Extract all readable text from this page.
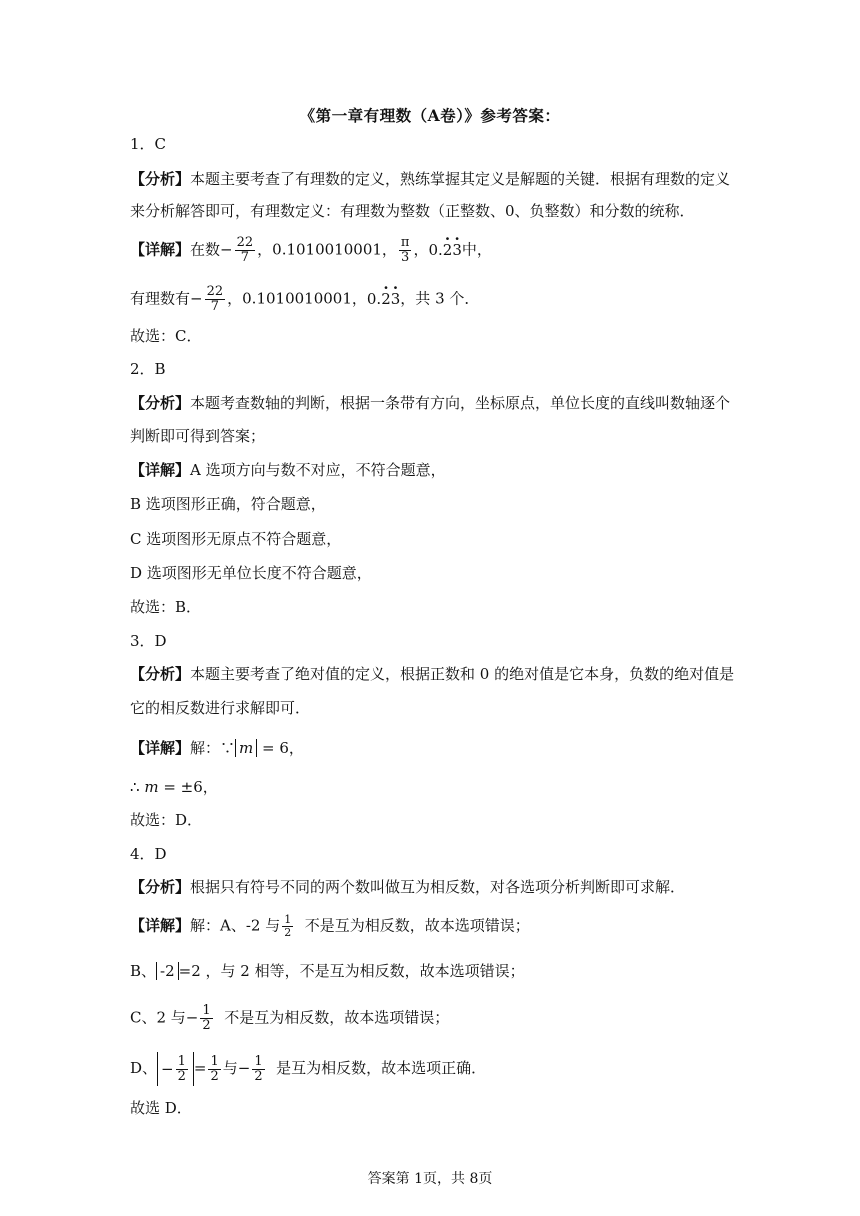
《第一章有理数（A卷）》参考答案：
1．C
【分析】本题主要考查了有理数的定义，熟练掌握其定义是解题的关键．根据有理数的定义
来分析解答即可，有理数定义：有理数为整数（正整数、0、负整数）和分数的统称．
【详解】在数− $\frac{22}{7}$ ，0.1010010001， $\frac{\pi}{3}$ ，0.· 2· 3中，
有理数有− $\frac{22}{7}$ ，0.1010010001，0.· 2· 3，共 3 个．
故选：C．
2．B
【分析】本题考查数轴的判断，根据一条带有方向，坐标原点，单位长度的直线叫数轴逐个
判断即可得到答案；
【详解】A 选项方向与数不对应，不符合题意，
B 选项图形正确，符合题意，
C 选项图形无原点不符合题意，
D 选项图形无单位长度不符合题意，
故选：B．
3．D
【分析】本题主要考查了绝对值的定义，根据正数和 0 的绝对值是它本身，负数的绝对值是
它的相反数进行求解即可．
【详解】解：∵ m = 6，
∴ m = ±6，
故选：D．
4．D
【分析】根据只有符号不同的两个数叫做互为相反数，对各选项分析判断即可求解．
【详解】解：A、-2 与 $\frac{1}{2}$ 不是互为相反数，故本选项错误；
B、 -2 =2 ，与 2 相等，不是互为相反数，故本选项错误；
C、2 与− $\frac{1}{2}$ 不是互为相反数，故本选项错误；
D、 − $\frac{1}{2} = \frac{1}{2}$ 与− $\frac{1}{2}$ 是互为相反数，故本选项正确．
故选 D．
答案第 1页，共 8页
